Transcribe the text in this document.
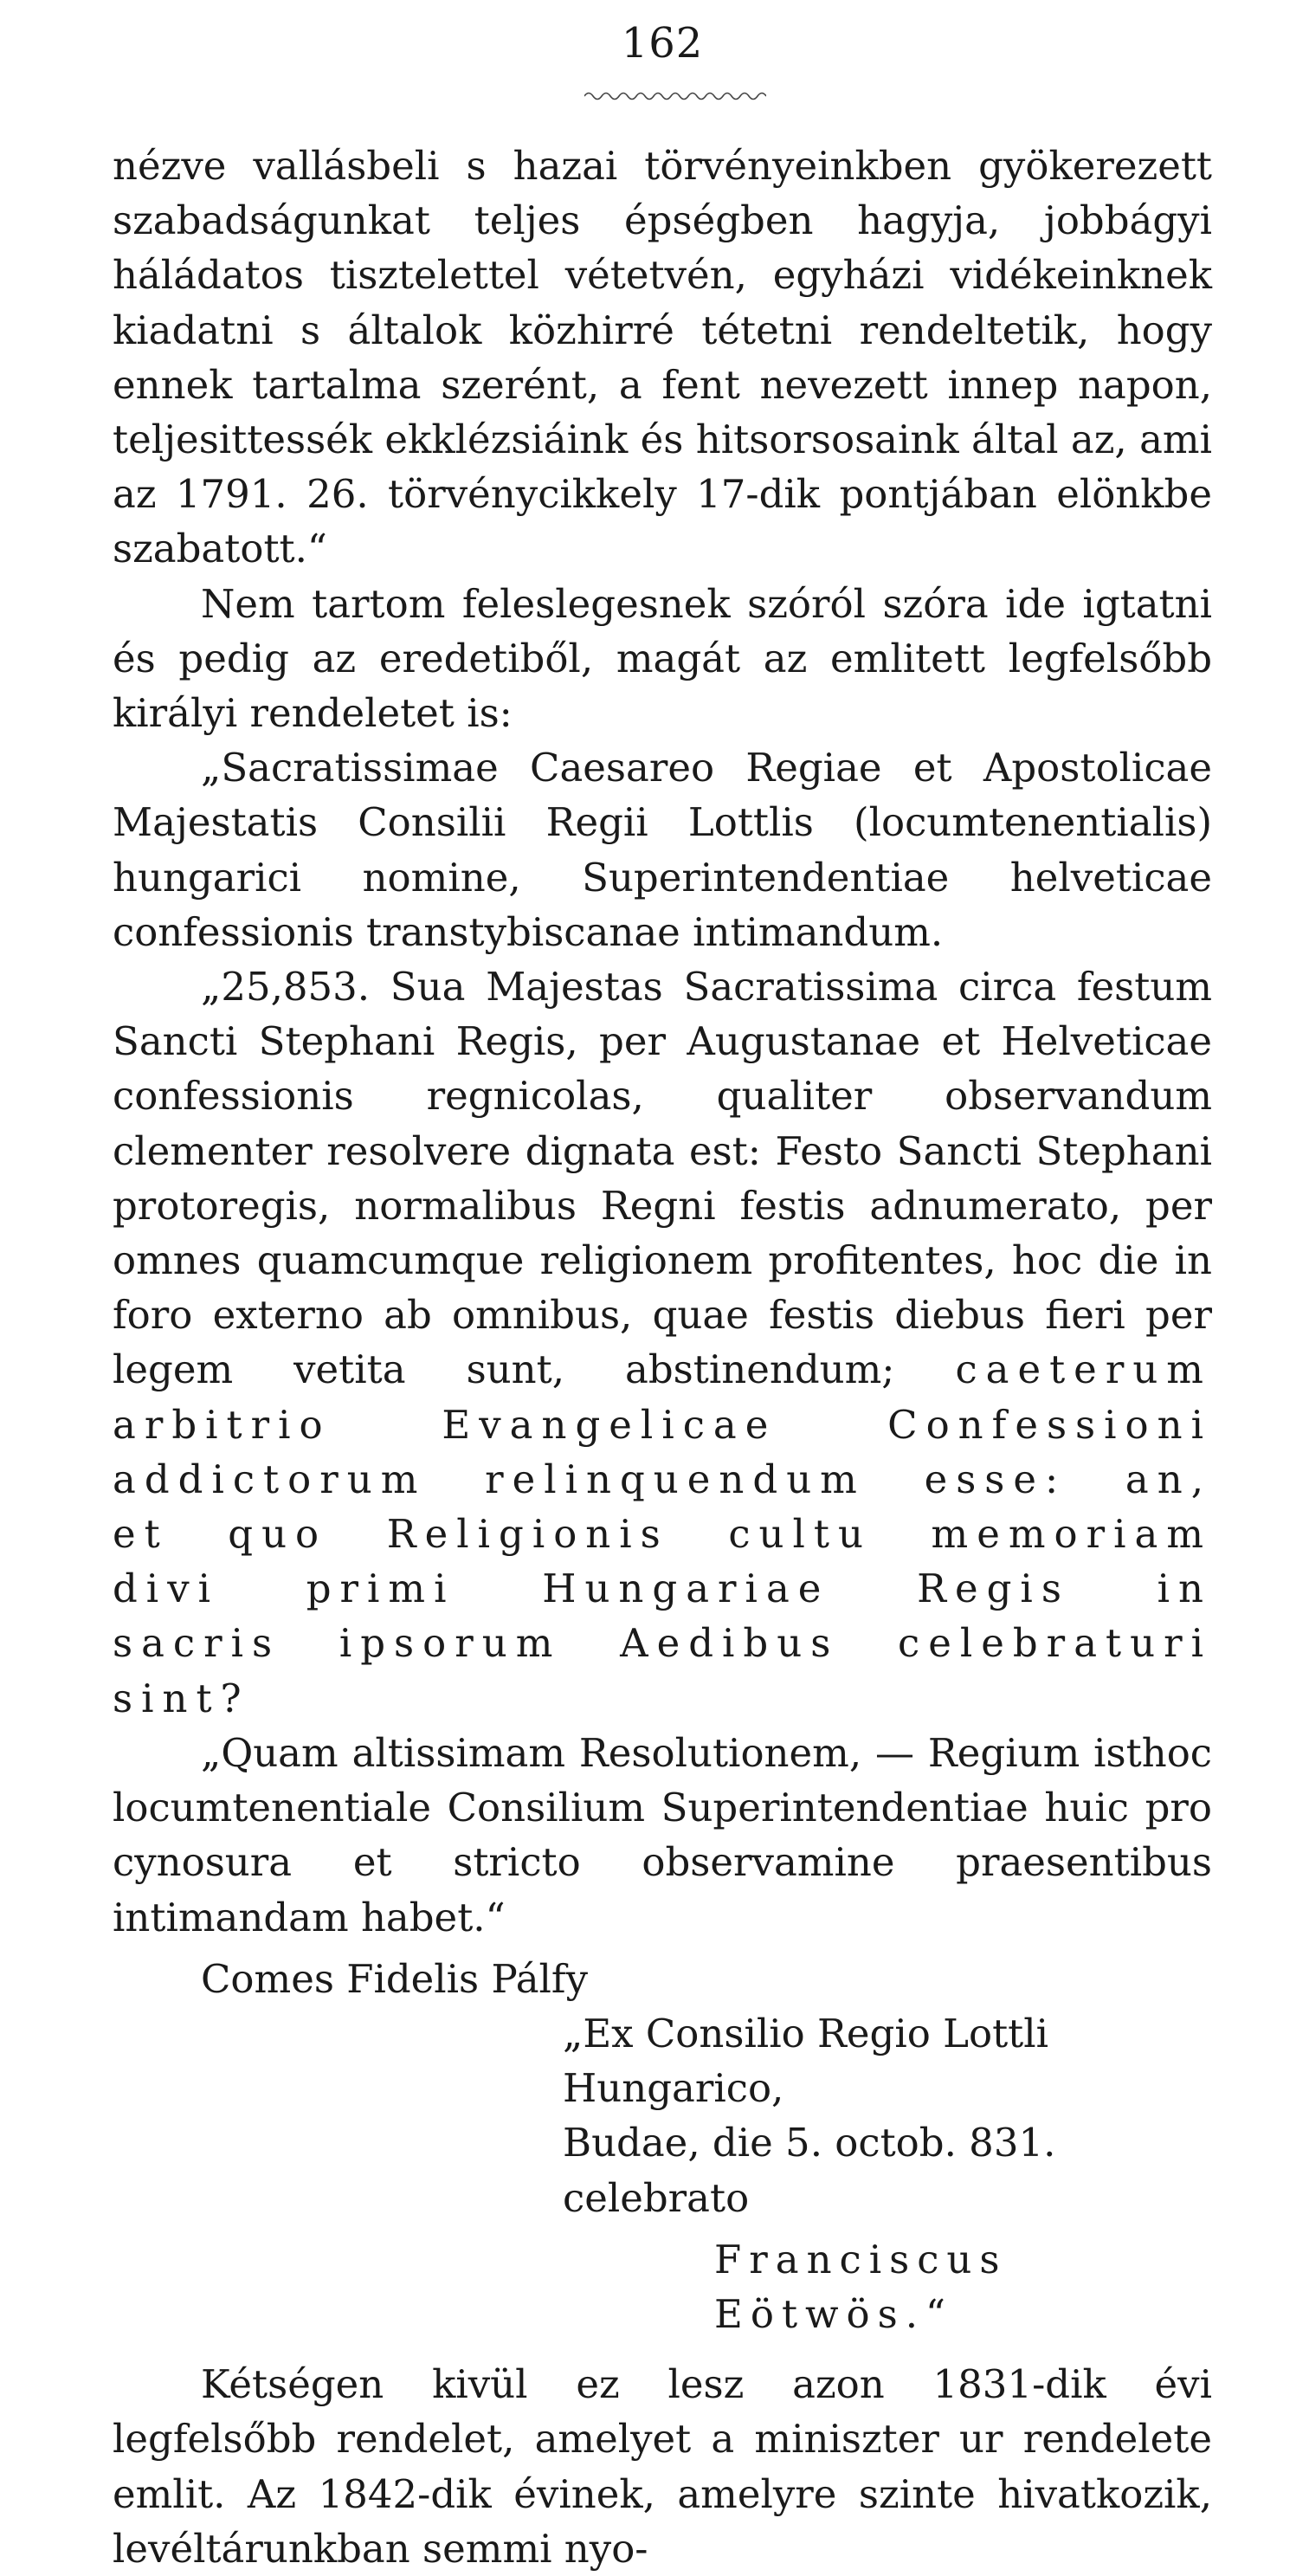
162

nézve vallásbeli s hazai törvényeinkben gyökerezett szabadságunkat teljes épségben hagyja, jobbágyi háládatos tisztelettel vétetvén, egyházi vidékeinknek kiadatni s általok közhirré tétetni rendeltetik, hogy ennek tartalma szerént, a fent nevezett innep napon, teljesittessék ekklézsiáink és hitsorsosaink által az, ami az 1791. 26. törvénycikkely 17-dik pontjában elönkbe szabatott.“

Nem tartom feleslegesnek szóról szóra ide igtatni és pedig az eredetiből, magát az emlitett legfelsőbb királyi rendeletet is:

„Sacratissimae Caesareo Regiae et Apostolicae Majestatis Consilii Regii Lottlis (locumtenentialis) hungarici nomine, Superintendentiae helveticae confessionis transtybiscanae intimandum.

„25,853. Sua Majestas Sacratissima circa festum Sancti Stephani Regis, per Augustanae et Helveticae confessionis regnicolas, qualiter observandum clementer resolvere dignata est: Festo Sancti Stephani protoregis, normalibus Regni festis adnumerato, per omnes quamcumque religionem profitentes, hoc die in foro externo ab omnibus, quae festis diebus fieri per legem vetita sunt, abstinendum; caeterum arbitrio Evangelicae Confessioni addictorum relinquendum esse: an, et quo Religionis cultu memoriam divi primi Hungariae Regis in sacris ipsorum Aedibus celebraturi sint?

„Quam altissimam Resolutionem, — Regium isthoc locumtenentiale Consilium Superintendentiae huic pro cynosura et stricto observamine praesentibus intimandam habet.“

Comes Fidelis Pálfy

„Ex Consilio Regio Lottli Hungarico,

Budae, die 5. octob. 831. celebrato

Franciscus Eötwös.“

Kétségen kivül ez lesz azon 1831-dik évi legfelsőbb rendelet, amelyet a miniszter ur rendelete emlit. Az 1842-dik évinek, amelyre szinte hivatkozik, levéltárunkban semmi nyo-
